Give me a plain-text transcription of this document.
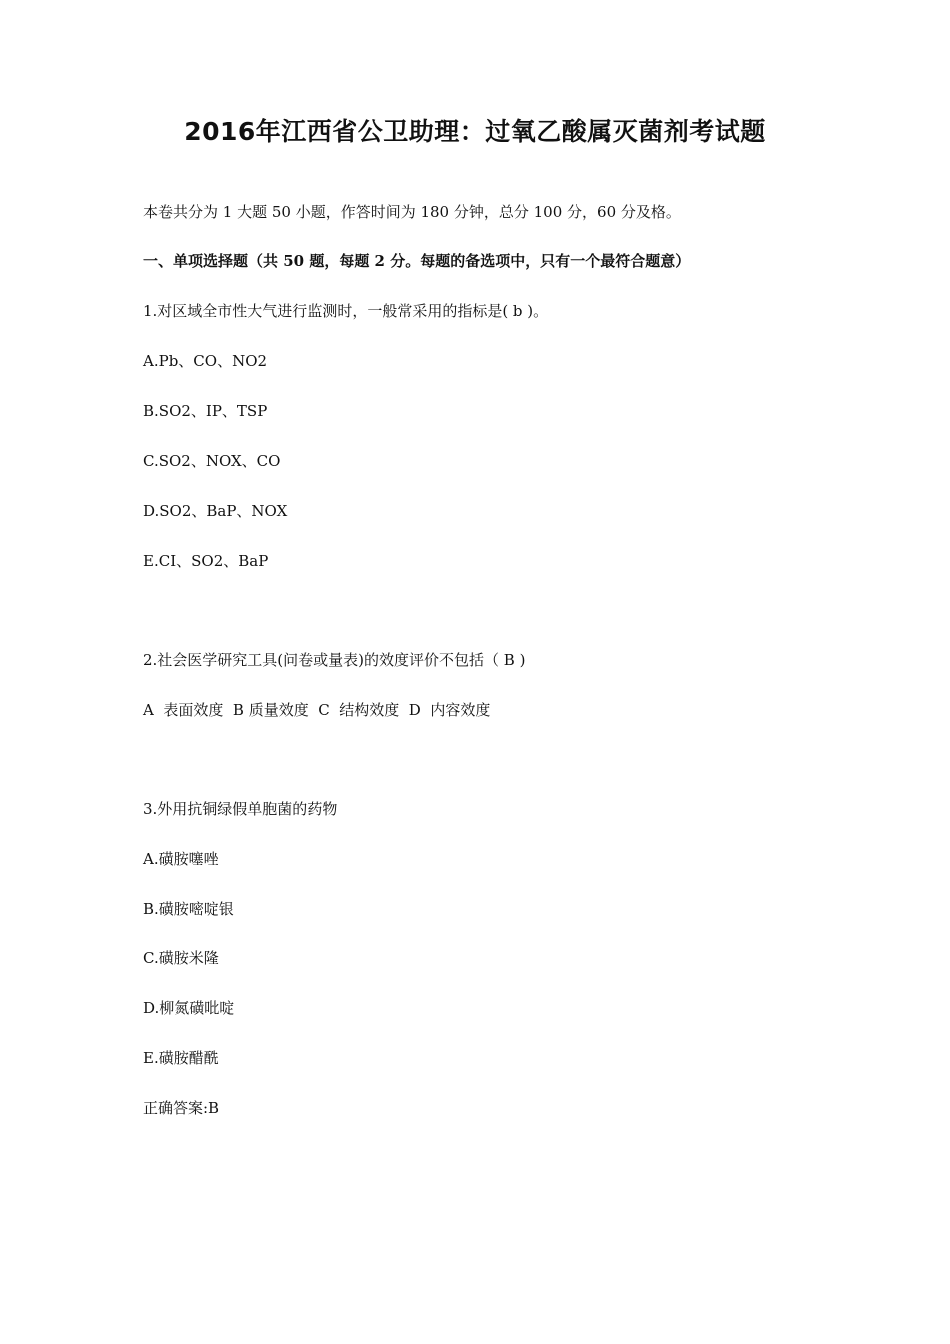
2016年江西省公卫助理：过氧乙酸属灭菌剂考试题

本卷共分为 1 大题 50 小题，作答时间为 180 分钟，总分 100 分，60 分及格。

一、单项选择题（共 50 题，每题 2 分。每题的备选项中，只有一个最符合题意）

1.对区域全市性大气进行监测时，一般常采用的指标是( b )。

A.Pb、CO、NO2

B.SO2、IP、TSP

C.SO2、NOX、CO

D.SO2、BaP、NOX

E.CI、SO2、BaP

2.社会医学研究工具(问卷或量表)的效度评价不包括（ B )

A  表面效度  B 质量效度  C  结构效度  D  内容效度

3.外用抗铜绿假单胞菌的药物

A.磺胺噻唑

B.磺胺嘧啶银

C.磺胺米隆

D.柳氮磺吡啶

E.磺胺醋酰

正确答案:B
